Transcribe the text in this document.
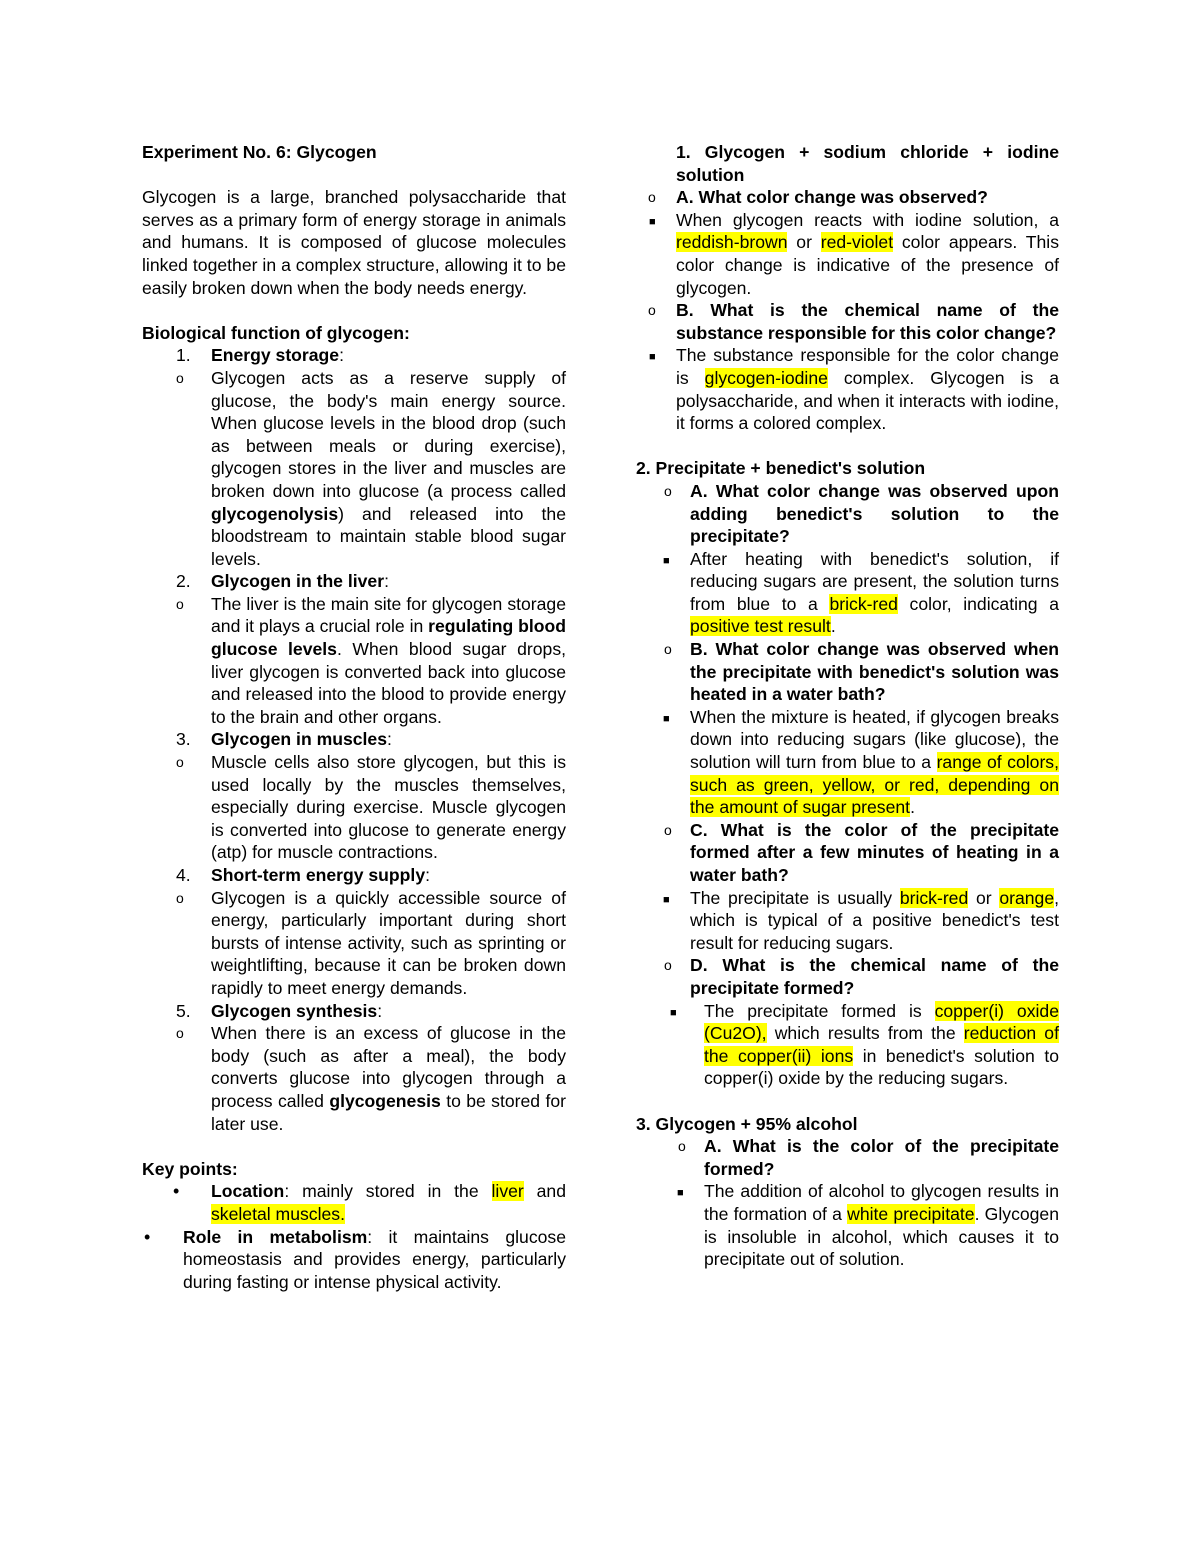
Experiment No. 6: Glycogen
Glycogen is a large, branched polysaccharide that serves as a primary form of energy storage in animals and humans. It is composed of glucose molecules linked together in a complex structure, allowing it to be easily broken down when the body needs energy.
Biological function of glycogen:
1.	Energy storage:
o Glycogen acts as a reserve supply of glucose, the body's main energy source. When glucose levels in the blood drop (such as between meals or during exercise), glycogen stores in the liver and muscles are broken down into glucose (a process called glycogenolysis) and released into the bloodstream to maintain stable blood sugar levels.
2.	Glycogen in the liver:
o The liver is the main site for glycogen storage and it plays a crucial role in regulating blood glucose levels. When blood sugar drops, liver glycogen is converted back into glucose and released into the blood to provide energy to the brain and other organs.
3.	Glycogen in muscles:
o Muscle cells also store glycogen, but this is used locally by the muscles themselves, especially during exercise. Muscle glycogen is converted into glucose to generate energy (atp) for muscle contractions.
4.	Short-term energy supply:
o Glycogen is a quickly accessible source of energy, particularly important during short bursts of intense activity, such as sprinting or weightlifting, because it can be broken down rapidly to meet energy demands.
5.	Glycogen synthesis:
o When there is an excess of glucose in the body (such as after a meal), the body converts glucose into glycogen through a process called glycogenesis to be stored for later use.
Key points:
• Location: mainly stored in the liver and skeletal muscles.
• Role in metabolism: it maintains glucose homeostasis and provides energy, particularly during fasting or intense physical activity.
1. Glycogen + sodium chloride + iodine solution
o A. What color change was observed?
■ When glycogen reacts with iodine solution, a reddish-brown or red-violet color appears. This color change is indicative of the presence of glycogen.
o B. What is the chemical name of the substance responsible for this color change?
■ The substance responsible for the color change is glycogen-iodine complex. Glycogen is a polysaccharide, and when it interacts with iodine, it forms a colored complex.
2. Precipitate + benedict's solution
o A. What color change was observed upon adding benedict's solution to the precipitate?
■ After heating with benedict's solution, if reducing sugars are present, the solution turns from blue to a brick-red color, indicating a positive test result.
o B. What color change was observed when the precipitate with benedict's solution was heated in a water bath?
■ When the mixture is heated, if glycogen breaks down into reducing sugars (like glucose), the solution will turn from blue to a range of colors, such as green, yellow, or red, depending on the amount of sugar present.
o C. What is the color of the precipitate formed after a few minutes of heating in a water bath?
■ The precipitate is usually brick-red or orange, which is typical of a positive benedict's test result for reducing sugars.
o D. What is the chemical name of the precipitate formed?
■ The precipitate formed is copper(i) oxide (Cu2O), which results from the reduction of the copper(ii) ions in benedict's solution to copper(i) oxide by the reducing sugars.
3. Glycogen + 95% alcohol
o A. What is the color of the precipitate formed?
■ The addition of alcohol to glycogen results in the formation of a white precipitate. Glycogen is insoluble in alcohol, which causes it to precipitate out of solution.
